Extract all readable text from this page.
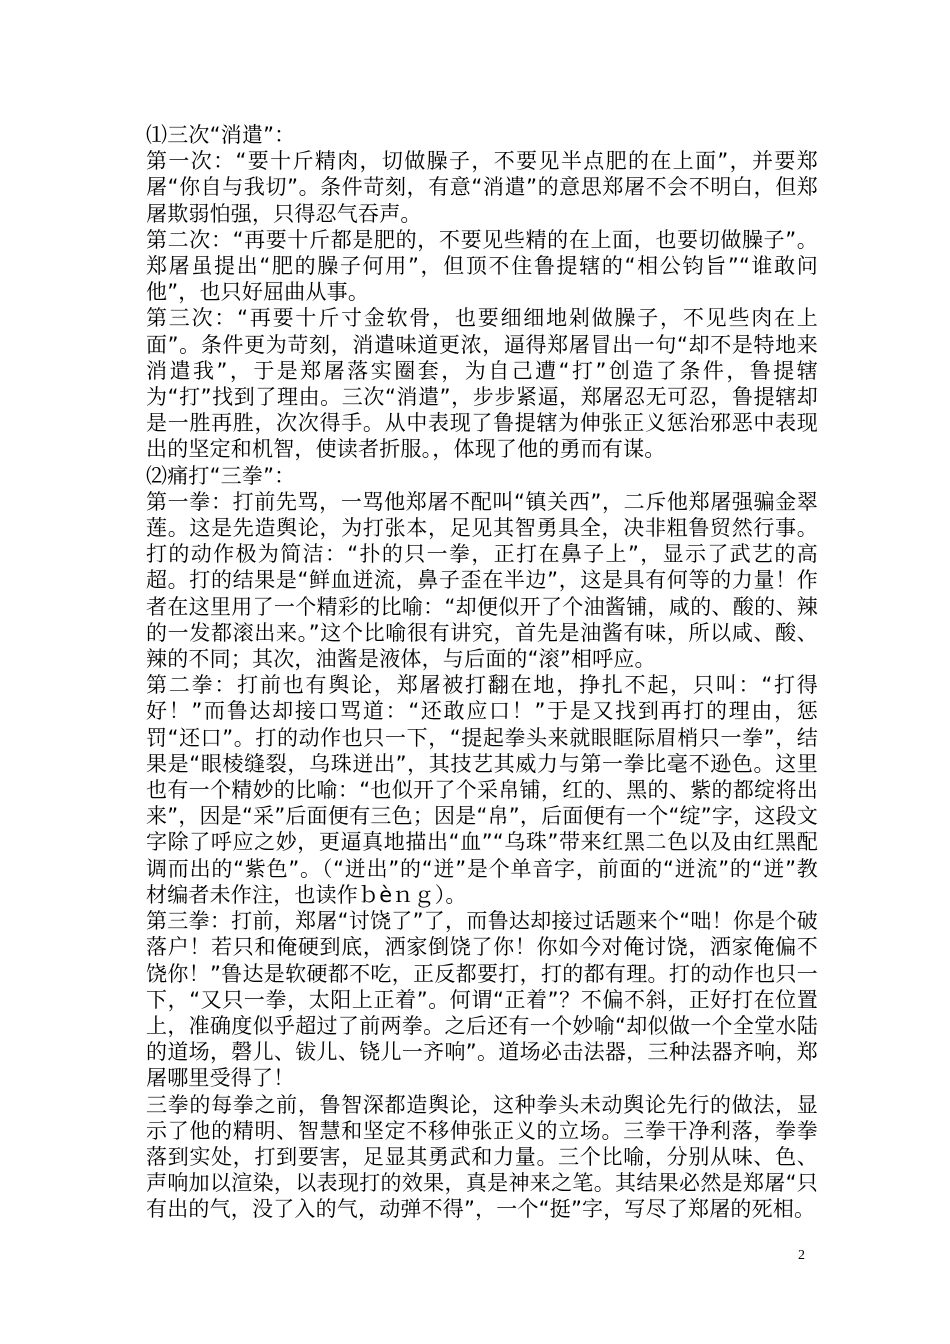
⑴三次“消遣”：

第一次：“要十斤精肉，切做臊子，不要见半点肥的在上面”，并要郑屠“你自与我切”。条件苛刻，有意“消遣”的意思郑屠不会不明白，但郑屠欺弱怕强，只得忍气吞声。

第二次：“再要十斤都是肥的，不要见些精的在上面，也要切做臊子”。郑屠虽提出“肥的臊子何用”，但顶不住鲁提辖的“相公钧旨”“谁敢问他”，也只好屈曲从事。

第三次：“再要十斤寸金软骨，也要细细地剁做臊子，不见些肉在上面”。条件更为苛刻，消遣味道更浓，逼得郑屠冒出一句“却不是特地来消遣我”，于是郑屠落实圈套，为自己遭“打”创造了条件，鲁提辖为“打”找到了理由。三次“消遣”，步步紧逼，郑屠忍无可忍，鲁提辖却是一胜再胜，次次得手。从中表现了鲁提辖为伸张正义惩治邪恶中表现出的坚定和机智，使读者折服。，体现了他的勇而有谋。

⑵痛打“三拳”：

第一拳：打前先骂，一骂他郑屠不配叫“镇关西”，二斥他郑屠强骗金翠莲。这是先造舆论，为打张本，足见其智勇具全，决非粗鲁贸然行事。打的动作极为简洁：“扑的只一拳，正打在鼻子上”，显示了武艺的高超。打的结果是“鲜血迸流，鼻子歪在半边”，这是具有何等的力量！作者在这里用了一个精彩的比喻：“却便似开了个油酱铺，咸的、酸的、辣的一发都滚出来。”这个比喻很有讲究，首先是油酱有味，所以咸、酸、辣的不同；其次，油酱是液体，与后面的“滚”相呼应。

第二拳：打前也有舆论，郑屠被打翻在地，挣扎不起，只叫：“打得好！”而鲁达却接口骂道：“还敢应口！”于是又找到再打的理由，惩罚“还口”。打的动作也只一下，“提起拳头来就眼眶际眉梢只一拳”，结果是“眼棱缝裂，乌珠迸出”，其技艺其威力与第一拳比毫不逊色。这里也有一个精妙的比喻：“也似开了个采帛铺，红的、黑的、紫的都绽将出来”，因是“采”后面便有三色；因是“帛”，后面便有一个“绽”字，这段文字除了呼应之妙，更逼真地描出“血”“乌珠”带来红黑二色以及由红黑配调而出的“紫色”。（“迸出”的“迸”是个单音字，前面的“迸流”的“迸”教材编者未作注，也读作ｂèｎｇ）。

第三拳：打前，郑屠“讨饶了”了，而鲁达却接过话题来个“咄！你是个破落户！若只和俺硬到底，洒家倒饶了你！你如今对俺讨饶，洒家俺偏不饶你！”鲁达是软硬都不吃，正反都要打，打的都有理。打的动作也只一下，“又只一拳，太阳上正着”。何谓“正着”？不偏不斜，正好打在位置上，准确度似乎超过了前两拳。之后还有一个妙喻“却似做一个全堂水陆的道场，磬儿、钹儿、铙儿一齐响”。道场必击法器，三种法器齐响，郑屠哪里受得了！

三拳的每拳之前，鲁智深都造舆论，这种拳头未动舆论先行的做法，显示了他的精明、智慧和坚定不移伸张正义的立场。三拳干净利落，拳拳落到实处，打到要害，足显其勇武和力量。三个比喻，分别从味、色、声响加以渲染，以表现打的效果，真是神来之笔。其结果必然是郑屠“只有出的气，没了入的气，动弹不得”，一个“挺”字，写尽了郑屠的死相。

2
